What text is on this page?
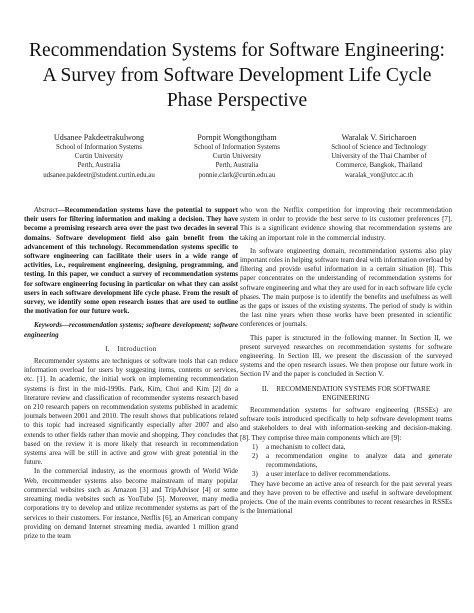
Recommendation Systems for Software Engineering:
A Survey from Software Development Life Cycle
Phase Perspective
Udsanee Pakdeetrakulwong
School of Information Systems
Curtin University
Perth, Australia
udsanee.pakdeetr@student.curtin.edu.au
Pornpit Wongthongtham
School of Information Systems
Curtin University
Perth, Australia
ponnie.clark@curtin.edu.au
Waralak V. Siricharoen
School of Science and Technology
University of the Thai Chamber of
Commerce, Bangkok, Thailand
waralak_von@utcc.ac.th

Abstract—Recommendation systems have the potential to support their users for filtering information and making a decision. They have become a promising research area over the past two decades in several domains. Software development field also gain benefit from the advancement of this technology. Recommendation systems specific to software engineering can facilitate their users in a wide range of activities, i.e., requirement engineering, designing, programming, and testing. In this paper, we conduct a survey of recommendation systems for software engineering focusing in particular on what they can assist users in each software development life cycle phase. From the result of survey, we identify some open research issues that are used to outline the motivation for our future work.

Keywords—recommendation systems; software development; software engineering

I. Introduction

Recommender systems are techniques or software tools that can reduce information overload for users by suggesting items, contents or services, etc. [1]. In academic, the initial work on implementing recommendation systems is first in the mid-1990s. Park, Kim, Choi and Kim [2] do a literature review and classification of recommender systems research based on 210 research papers on recommendation systems published in academic journals between 2001 and 2010. The result shows that publications related to this topic had increased significantly especially after 2007 and also extends to other fields rather than movie and shopping. They concludes that based on the review it is more likely that research in recommendation systems area will be still in active and grow with great potential in the future.

In the commercial industry, as the enormous growth of World Wide Web, recommender systems also become mainstream of many popular commercial websites such as Amazon [3] and TripAdvisor [4] or some streaming media websites such as YouTube [5]. Moreover, many media corporations try to develop and utilize recommender systems as part of the services to their customers. For instance, Netflix [6], an American company providing on demand Internet streaming media, awarded 1 million grand prize to the team

who won the Netflix competition for improving their recommendation system in order to provide the best serve to its customer preferences [7]. This is a significant evidence showing that recommendation systems are taking an important role in the commercial industry.

In software engineering domain, recommendation systems also play important roles in helping software team deal with information overload by filtering and provide useful information in a certain situation [8]. This paper concentrates on the understanding of recommendation systems for software engineering and what they are used for in each software life cycle phases. The main purpose is to identify the benefits and usefulness as well as the gaps or issues of the existing systems. The period of study is within the last nine years when those works have been presented in scientific conferences or journals.

This paper is structured in the following manner. In Section II, we present surveyed researches on recommendation systems for software engineering. In Section III, we present the discussion of the surveyed systems and the open research issues. We then propose our future work in Section IV and the paper is concluded in Section V.

II. RECOMMENDATION SYSTEMS FOR SOFTWARE
ENGINEERING

Recommendation systems for software engineering (RSSEs) are software tools introduced specifically to help software development teams and stakeholders to deal with information-seeking and decision-making. [8]. They comprise three main components which are [9]:

1) a mechanism to collect data,
2) a recommendation engine to analyze data and generate recommendations,
3) a user interface to deliver recommendations.

They have become an active area of research for the past several years and they have proven to be effective and useful in software development projects. One of the main events contributes to recent researches in RSSEs is the International
